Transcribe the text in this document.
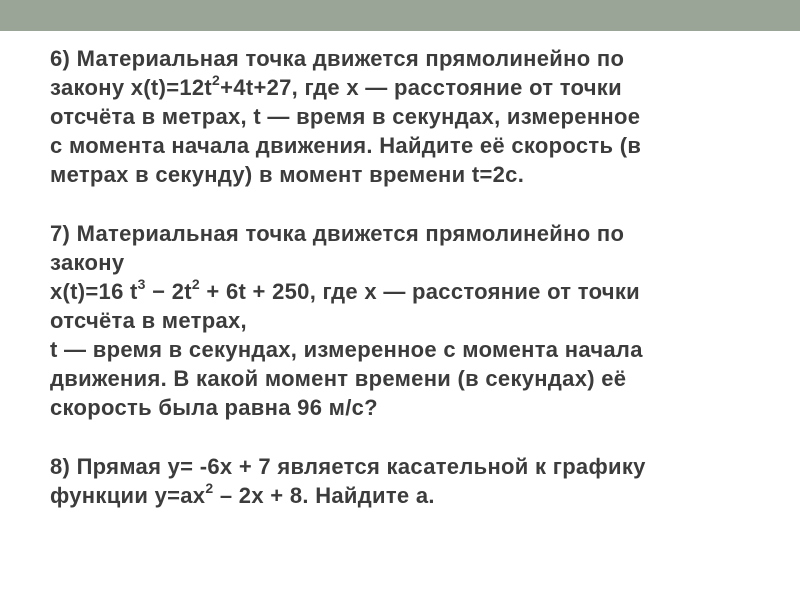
6) Материальная точка движется прямолинейно по
закону $x(t)=12t^2+4t+27$, где x — расстояние от точки
отсчёта в метрах, t — время в секундах, измеренное
с момента начала движения. Найдите её скорость (в
метрах в секунду) в момент времени t=2с.

7) Материальная точка движется прямолинейно по
закону
x(t)=16 $t^3 - 2t^2 + 6t + 250$, где x — расстояние от точки
отсчёта в метрах,
t — время в секундах, измеренное с момента начала
движения. В какой момент времени (в секундах) её
скорость была равна 96 м/с?

8) Прямая y= -6x + 7 является касательной к графику
функции $y=ax^2 - 2x + 8$. Найдите a.
